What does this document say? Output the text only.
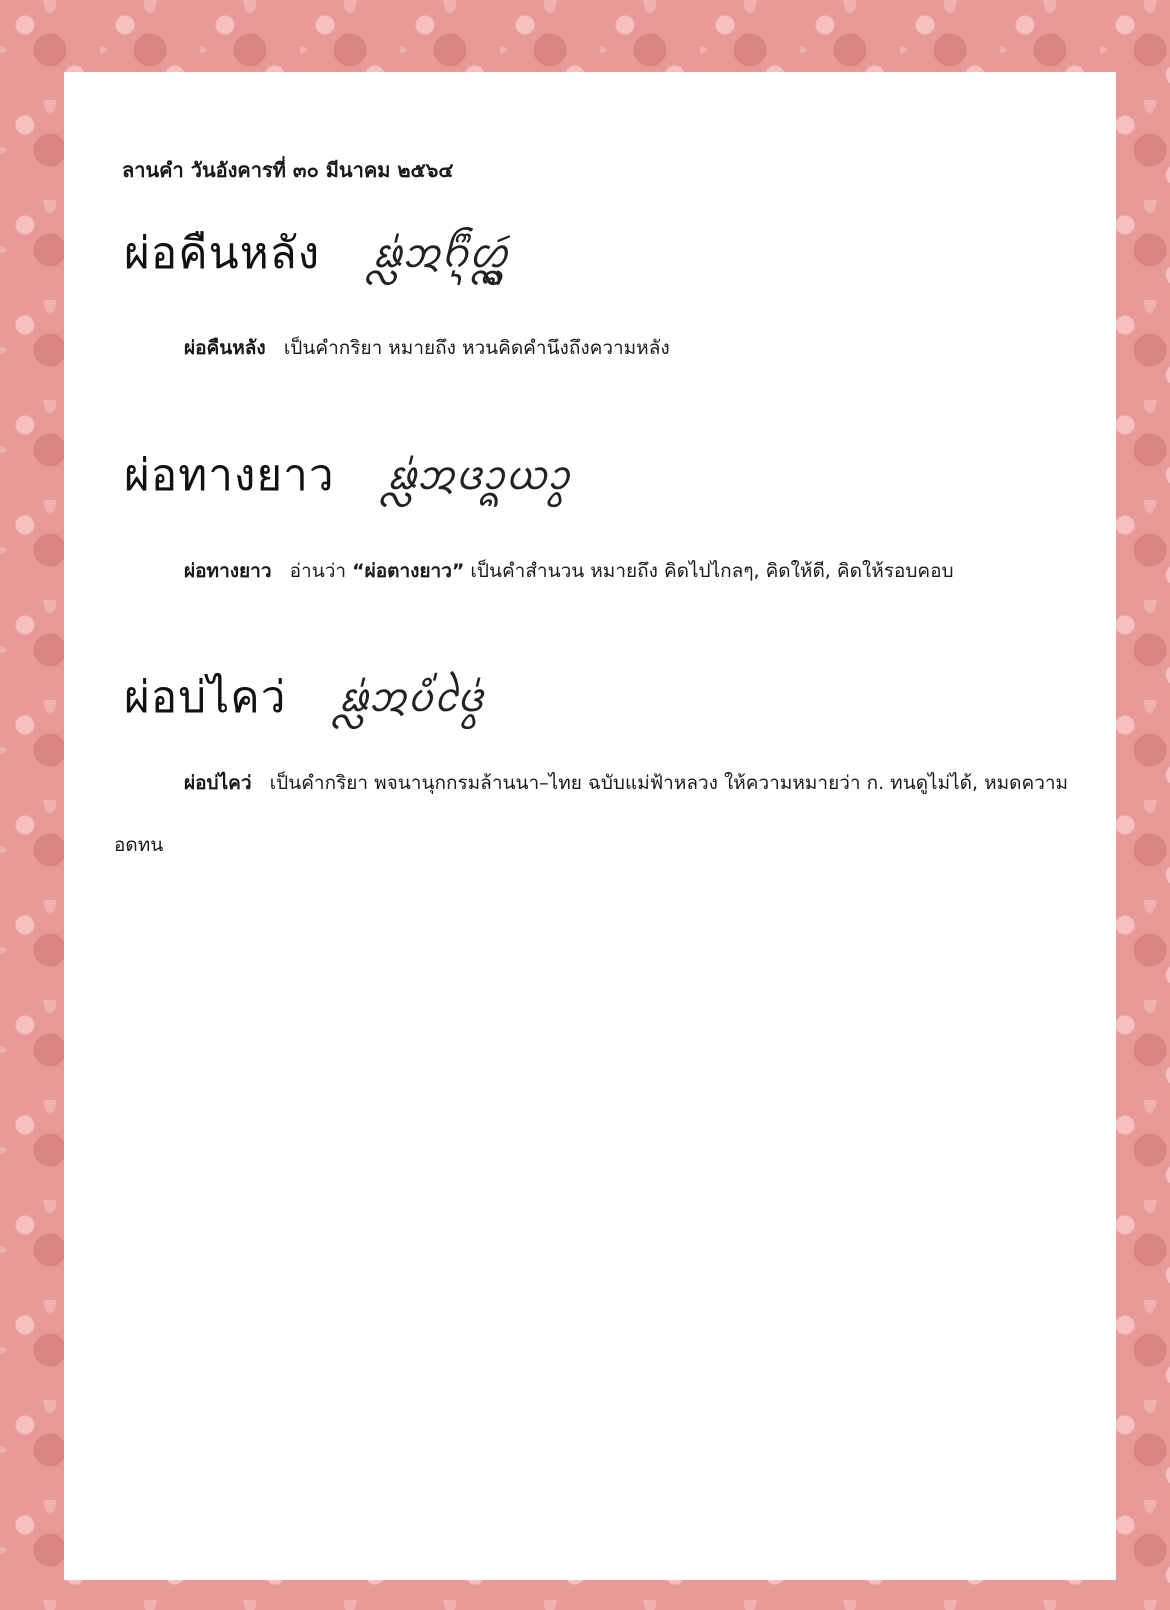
ลานคำ วันอังคารที่ ๓๐ มีนาคม ๒๕๖๔

ผ่อคืนหลัง ᨹᩖ᩵ᩋᨤᩨ᩠ᨶᩉᩖᩢ᩠ᨦ

ผ่อคืนหลัง เป็นคำกริยา หมายถึง หวนคิดคำนึงถึงความหลัง

ผ่อทางยาว ᨹᩖ᩵ᩋᨴᩣ᩠ᨦᨿᩣ᩠ᩅ

ผ่อทางยาว อ่านว่า “ผ่อตางยาว” เป็นคำสำนวน หมายถึง คิดไปไกลๆ, คิดให้ดี, คิดให้รอบคอบ

ผ่อบ่ไคว่ ᨹᩖ᩵ᩋᨷᩴ᩵ᨴᩱ᩠ᩅ᩵

ผ่อบ่ไคว่ เป็นคำกริยา พจนานุกกรมล้านนา–ไทย ฉบับแม่ฟ้าหลวง ให้ความหมายว่า ก. ทนดูไม่ได้, หมดความอดทน
